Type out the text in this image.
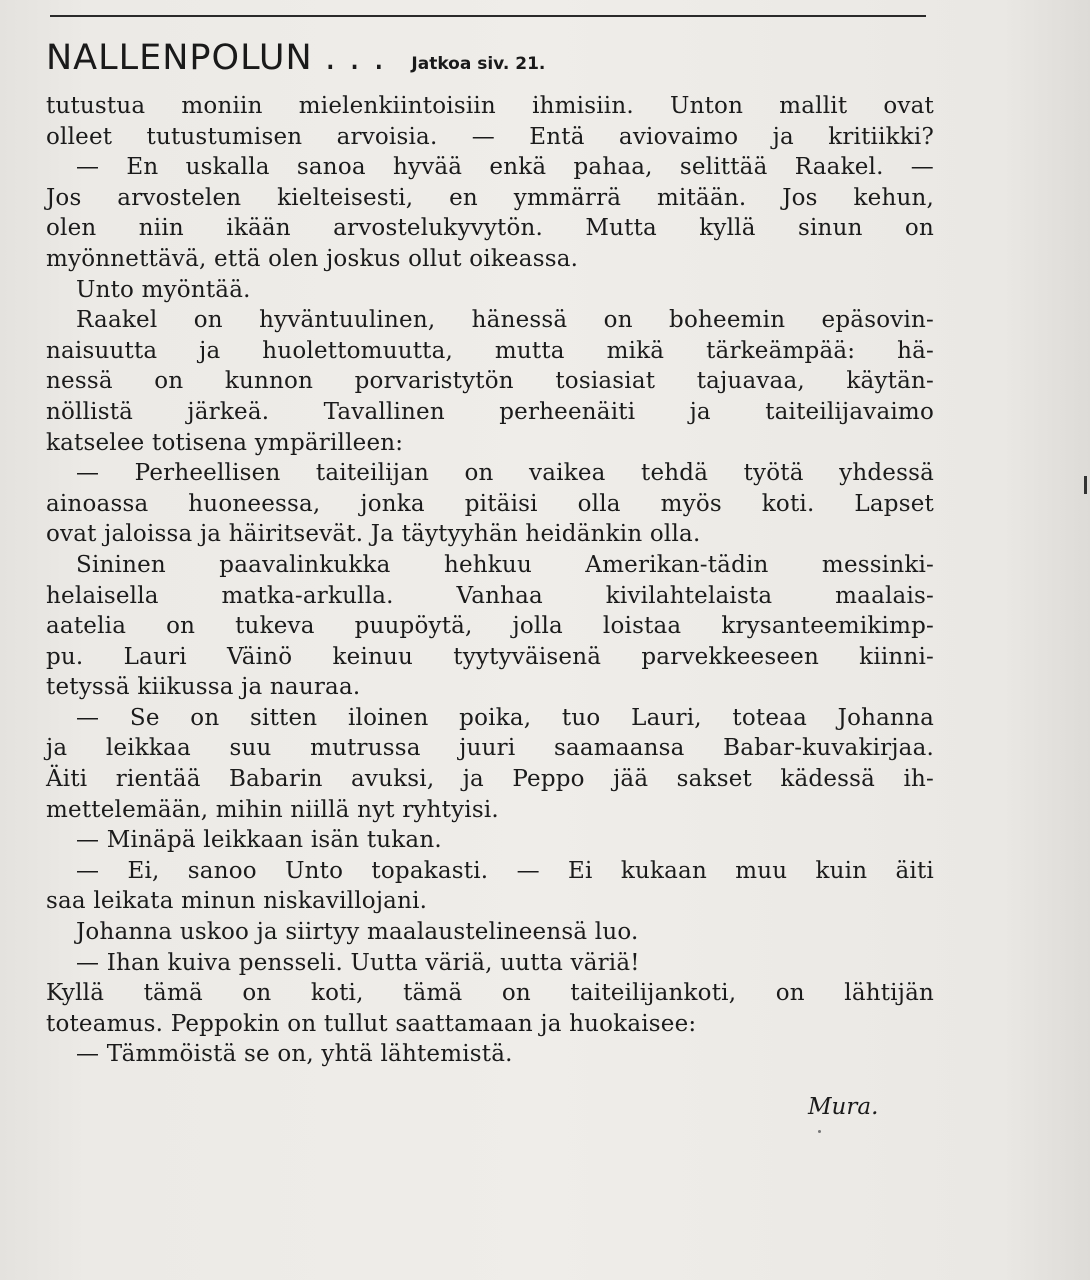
NALLENPOLUN . . . Jatkoa siv. 21.
tutustua moniin mielenkiintoisiin ihmisiin. Unton mallit ovat
olleet tutustumisen arvoisia. — Entä aviovaimo ja kritiikki?
— En uskalla sanoa hyvää enkä pahaa, selittää Raakel. —
Jos arvostelen kielteisesti, en ymmärrä mitään. Jos kehun,
olen niin ikään arvostelukyvytön. Mutta kyllä sinun on
myönnettävä, että olen joskus ollut oikeassa.
Unto myöntää.
Raakel on hyväntuulinen, hänessä on boheemin epäsovin-
naisuutta ja huolettomuutta, mutta mikä tärkeämpää: hä-
nessä on kunnon porvaristytön tosiasiat tajuavaa, käytän-
nöllistä järkeä. Tavallinen perheenäiti ja taiteilijavaimo
katselee totisena ympärilleen:
— Perheellisen taiteilijan on vaikea tehdä työtä yhdessä
ainoassa huoneessa, jonka pitäisi olla myös koti. Lapset
ovat jaloissa ja häiritsevät. Ja täytyyhän heidänkin olla.
Sininen paavalinkukka hehkuu Amerikan-tädin messinki-
helaisella matka-arkulla. Vanhaa kivilahtelaista maalais-
aatelia on tukeva puupöytä, jolla loistaa krysanteemikimp-
pu. Lauri Väinö keinuu tyytyväisenä parvekkeeseen kiinni-
tetyssä kiikussa ja nauraa.
— Se on sitten iloinen poika, tuo Lauri, toteaa Johanna
ja leikkaa suu mutrussa juuri saamaansa Babar-kuvakirjaa.
Äiti rientää Babarin avuksi, ja Peppo jää sakset kädessä ih-
mettelemään, mihin niillä nyt ryhtyisi.
— Minäpä leikkaan isän tukan.
— Ei, sanoo Unto topakasti. — Ei kukaan muu kuin äiti
saa leikata minun niskavillojani.
Johanna uskoo ja siirtyy maalaustelineensä luo.
— Ihan kuiva pensseli. Uutta väriä, uutta väriä!
Kyllä tämä on koti, tämä on taiteilijankoti, on lähtijän
toteamus. Peppokin on tullut saattamaan ja huokaisee:
— Tämmöistä se on, yhtä lähtemistä.
Mura.
